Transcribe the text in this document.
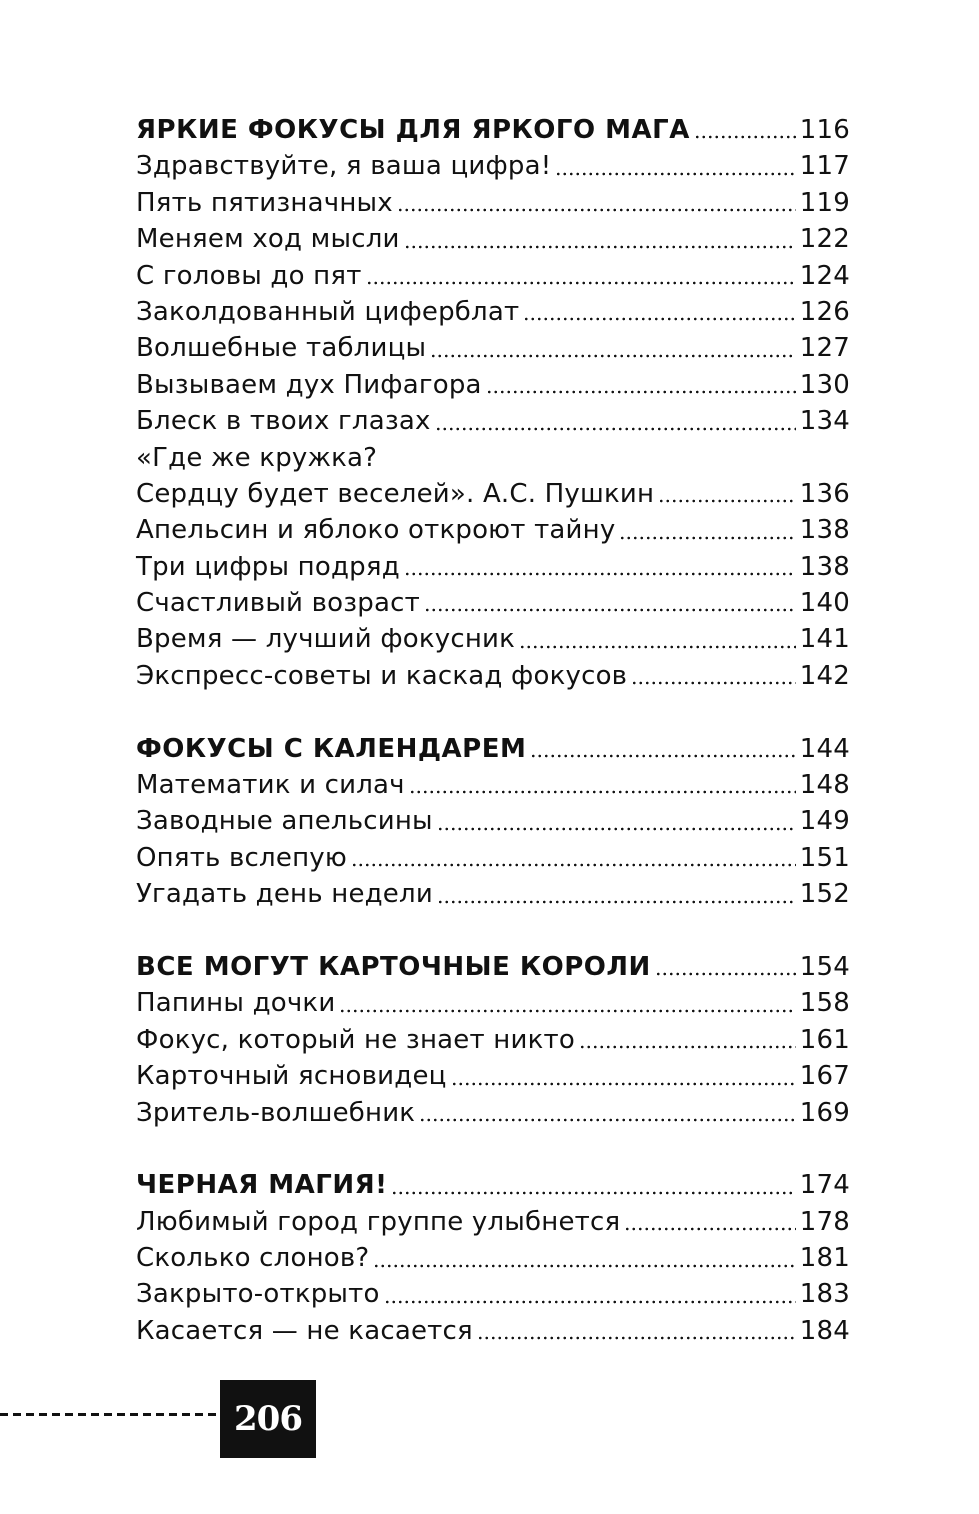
ЯРКИЕ ФОКУСЫ ДЛЯ ЯРКОГО МАГА	116
Здравствуйте, я ваша цифра!	117
Пять пятизначных	119
Меняем ход мысли	122
С головы до пят	124
Заколдованный циферблат	126
Волшебные таблицы	127
Вызываем дух Пифагора	130
Блеск в твоих глазах	134
«Где же кружка?
Сердцу будет веселей». А.С. Пушкин	136
Апельсин и яблоко откроют тайну	138
Три цифры подряд	138
Счастливый возраст	140
Время — лучший фокусник	141
Экспресс-советы и каскад фокусов	142
ФОКУСЫ С КАЛЕНДАРЕМ	144
Математик и силач	148
Заводные апельсины	149
Опять вслепую	151
Угадать день недели	152
ВСЕ МОГУТ КАРТОЧНЫЕ КОРОЛИ	154
Папины дочки	158
Фокус, который не знает никто	161
Карточный ясновидец	167
Зритель-волшебник	169
ЧЕРНАЯ МАГИЯ!	174
Любимый город группе улыбнется	178
Сколько слонов?	181
Закрыто-открыто	183
Касается — не касается	184
206
